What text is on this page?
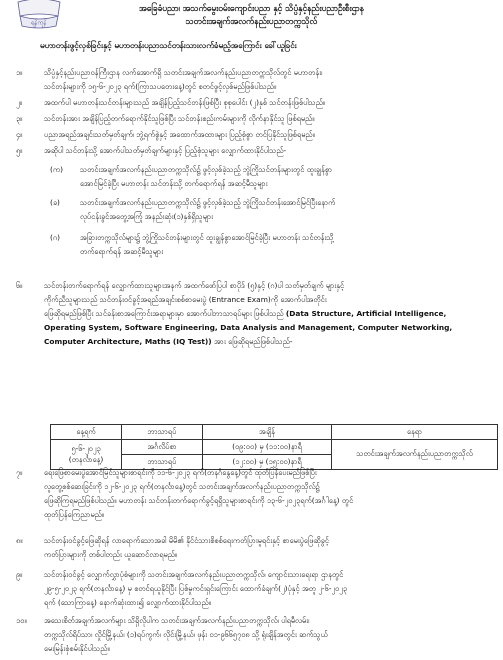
ရန်ကုန်
အခြေခံပညာ၊ အသက်မွေးဝမ်းကျောင်းပညာ နှင့် သိပ္ပံနှင့်နည်းပညာဦးစီးဌာန
သတင်းအချက်အလက်နည်းပညာတက္ကသိုလ်
မဟာတန်းဖွင့်လှစ်ခြင်းနှင့် မဟာတန်းပညာသင်တန်းသားလက်ခံမည့်အကြောင်း ခေါ်ယူခြင်း
၁။	သိပ္ပံနှင့်နည်းပညာဝန်ကြီးဌာန လက်အောက်ရှိ သတင်းအချက်အလက်နည်းပညာတက္ကသိုလ်တွင် မဟာတန်း၊
သင်တန်းများကို ၁၅-၆-၂၀၂၃ ရက်(ကြာသပတေးနေ့)တွင် စတင်ဖွင့်လှစ်မည်ဖြစ်ပါသည်။
၂။	အထက်ပါ မဟာတန်းသင်တန်းများသည် အချိန်ပြည့်သင်တန်းဖြစ်ပြီး စုစုပေါင်း (၂)နှစ် သင်တန်းဖြစ်ပါသည်။
၃။	သင်တန်းအား အချိန်ပြည့်တက်ရောက်နိုင်သူဖြစ်ပြီး သင်တန်းစည်းကမ်းများကို လိုက်နာနိုင်သူ ဖြစ်ရမည်။
၄။	ပညာအရည်အချင်းသတ်မှတ်ချက်၊ ဘွဲ့ရက်စွဲနှင့် အထောက်အထားများ ပြည့်စုံစွာ တင်ပြနိုင်သူဖြစ်ရမည်။
၅။	အဆိုပါ သင်တန်းသို့ အောက်ပါသတ်မှတ်ချက်များနှင့် ပြည့်စုံသူများ လျှောက်ထားနိုင်ပါသည်-
(က)	သတင်းအချက်အလက်နည်းပညာတက္ကသိုလ်၌ ဖွင့်လှစ်ခဲ့သည့် ဘွဲ့ကြိုသင်တန်းများတွင် ထူးချွန်စွာ
အောင်မြင်ခဲ့ပြီး မဟာတန်း သင်တန်းသို့ တက်ရောက်ရန် အဆင့်မီသူများ
(ခ)	သတင်းအချက်အလက်နည်းပညာတက္ကသိုလ်၌ ဖွင့်လှစ်ခဲ့သည့် ဘွဲ့ကြိုသင်တန်းအောင်မြင်ပြီးနောက်
လုပ်ငန်းခွင်အတွေ့အကြုံ အနည်းဆုံး(၁)နှစ်ရှိသူများ
(ဂ)	အခြားတက္ကသိုလ်များ၌ ဘွဲ့ကြိုသင်တန်းများတွင် ထူးချွန်စွာအောင်မြင်ခဲ့ပြီး မဟာတန်း သင်တန်းသို့
တက်ရောက်ရန် အဆင့်မီသူများ
၆။	သင်တန်းတက်ရောက်ရန် လျှောက်ထားသူများအနက် အထက်ဖော်ပြပါ စာပိုဒ် (၅)နှင့် (ဂ)ပါ သတ်မှတ်ချက် များနှင့်
ကိုက်ညီသူများသည် သင်တန်းဝင်ခွင့်အရည်အချင်းစစ်စာမေးပွဲ (Entrance Exam)ကို အောက်ပါအတိုင်း
ဖြေဆိုရမည်ဖြစ်ပြီး သင်ခန်းစာအကြောင်းအရာများမှာ အောက်ပါဘာသာရပ်များ ဖြစ်ပါသည် (Data Structure, Artificial Intelligence,
Operating System, Software Engineering, Data Analysis and Management, Computer Networking,
Computer Architecture, Maths (IQ Test)) အား ဖြေဆိုရမည်ဖြစ်ပါသည်-
နေ့ရက်	ဘာသာရပ်	အချိန်	နေရာ

၅-၆-၂၀၂၃
(တနင်္လာနေ့)	အင်္ဂလိပ်စာ	(၀၉:၀၀) မှ (၁၁:၀၀)နာရီ	သတင်းအချက်အလက်နည်းပညာတက္ကသိုလ်
	ဘာသာရပ်	(၁၂:၀၀) မှ (၁၅:၀၀)နာရီ	
၇။	ရေးဖြေစာမေးပွဲအောင်မြင်သူများစာရင်းကို ၁၁-၆-၂၀၂၃ ရက်(တနင်္ဂနွေနေ့)တွင် ထုတ်ပြန်ပေးမည်ဖြစ်ပြီး
လူတွေ့စစ်ဆေးခြင်းကို ၁၂-၆-၂၀၂၃ ရက်(တနင်္လာနေ့)တွင် သတင်းအချက်အလက်နည်းပညာတက္ကသိုလ်၌
ဖြေဆိုကြရမည်ဖြစ်ပါသည်။ မဟာတန်း သင်တန်းတက်ရောက်ခွင့်ရရှိသူများစာရင်းကို ၁၃-၆-၂၀၂၃ရက်(အင်္ဂါနေ့) တွင်
ထုတ်ပြန်ကြေညာမည်။
၈။	သင်တန်းဝင်ခွင့်ဖြေဆိုရန် လာရောက်သောအခါ မိမိ၏ နိုင်ငံသားစိစစ်ရေးကတ်ပြားမူရင်းနှင့် စာမေးပွဲဖြေဆိုခွင့်
ကတ်ပြားများကို တစ်ပါတည်း ယူဆောင်လာရမည်။
၉။	သင်တန်းဝင်ခွင့် လျှောက်လွှာပုံစံများကို သတင်းအချက်အလက်နည်းပညာတက္ကသိုလ်၊ ကျောင်းသားရေးရာ ဌာနတွင်
၂၉-၅-၂၀၂၃ ရက်(တနင်္လာနေ့) မှ စတင်ရယူနိုင်ပြီး ပြစ်မှုကင်းရှင်းကြောင်း ထောက်ခံချက်(၂)ပုံနှင့် အတူ ၂-၆-၂၀၂၃
ရက် (သောကြာနေ့) နောက်ဆုံးထား၍ လျှောက်ထားနိုင်ပါသည်။
၁၀။	အသေးစိတ်အချက်အလက်များ သိရှိလိုပါက သတင်းအချက်အလက်နည်းပညာတက္ကသိုလ်၊ ပါရမီလမ်း၊
တက္ကသိုလ်ရိပ်သာ၊ လှိုင်မြို့နယ်၊ (၁)ရပ်ကွက်၊ လိုင်းမြို့နယ်၊ ဖုန်း ၀၁-၉၆၆၅၇၀၈ သို့ ရုံးချိန်အတွင်း ဆက်သွယ်
မေးမြန်းစုံစမ်းနိုင်ပါသည်။
